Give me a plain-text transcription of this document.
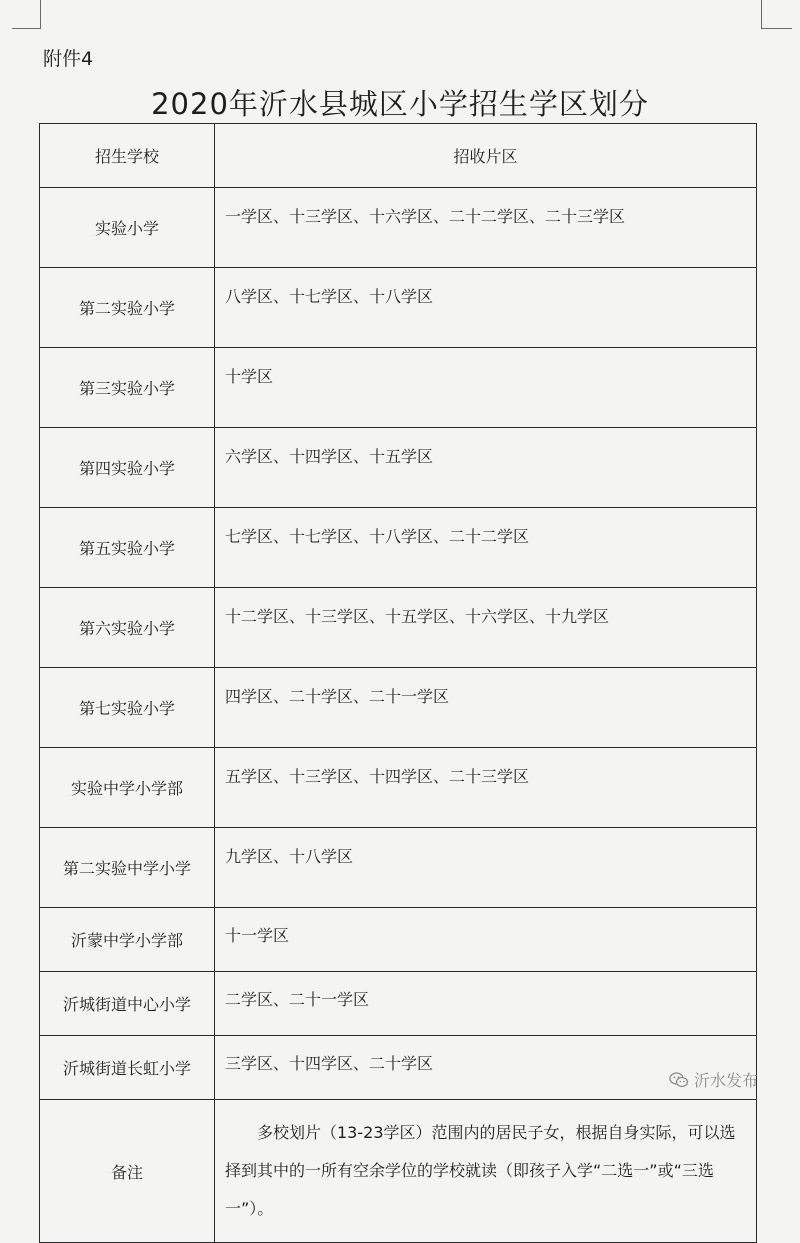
附件4
2020年沂水县城区小学招生学区划分
招生学校	招收片区
实验小学	一学区、十三学区、十六学区、二十二学区、二十三学区
第二实验小学	八学区、十七学区、十八学区
第三实验小学	十学区
第四实验小学	六学区、十四学区、十五学区
第五实验小学	七学区、十七学区、十八学区、二十二学区
第六实验小学	十二学区、十三学区、十五学区、十六学区、十九学区
第七实验小学	四学区、二十学区、二十一学区
实验中学小学部	五学区、十三学区、十四学区、二十三学区
第二实验中学小学	九学区、十八学区
沂蒙中学小学部	十一学区
沂城街道中心小学	二学区、二十一学区
沂城街道长虹小学	三学区、十四学区、二十学区
备注	多校划片（13-23学区）范围内的居民子女，根据自身实际，可以选择到其中的一所有空余学位的学校就读（即孩子入学“二选一”或“三选一”）。
沂水发布
